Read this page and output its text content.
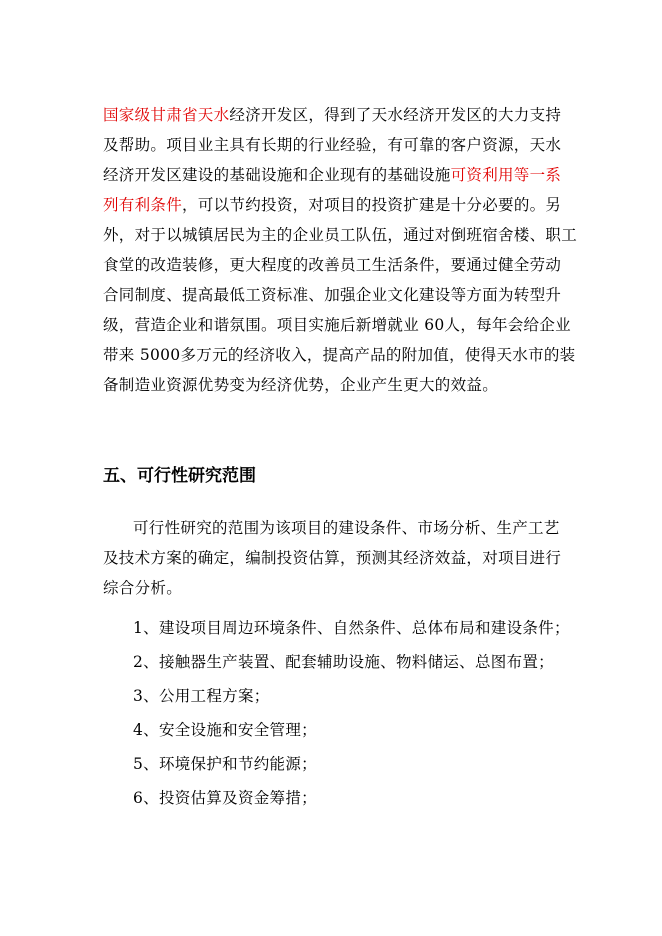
国家级甘肃省天水经济开发区，得到了天水经济开发区的大力支持
及帮助。项目业主具有长期的行业经验，有可靠的客户资源，天水
经济开发区建设的基础设施和企业现有的基础设施可资利用等一系
列有利条件，可以节约投资，对项目的投资扩建是十分必要的。另
外，对于以城镇居民为主的企业员工队伍，通过对倒班宿舍楼、职工
食堂的改造装修，更大程度的改善员工生活条件，要通过健全劳动
合同制度、提高最低工资标准、加强企业文化建设等方面为转型升
级，营造企业和谐氛围。项目实施后新增就业 60人，每年会给企业
带来 5000多万元的经济收入，提高产品的附加值，使得天水市的装
备制造业资源优势变为经济优势，企业产生更大的效益。
五、可行性研究范围
可行性研究的范围为该项目的建设条件、市场分析、生产工艺
及技术方案的确定，编制投资估算，预测其经济效益，对项目进行
综合分析。
1、建设项目周边环境条件、自然条件、总体布局和建设条件；
2、接触器生产装置、配套辅助设施、物料储运、总图布置；
3、公用工程方案；
4、安全设施和安全管理；
5、环境保护和节约能源；
6、投资估算及资金筹措；
